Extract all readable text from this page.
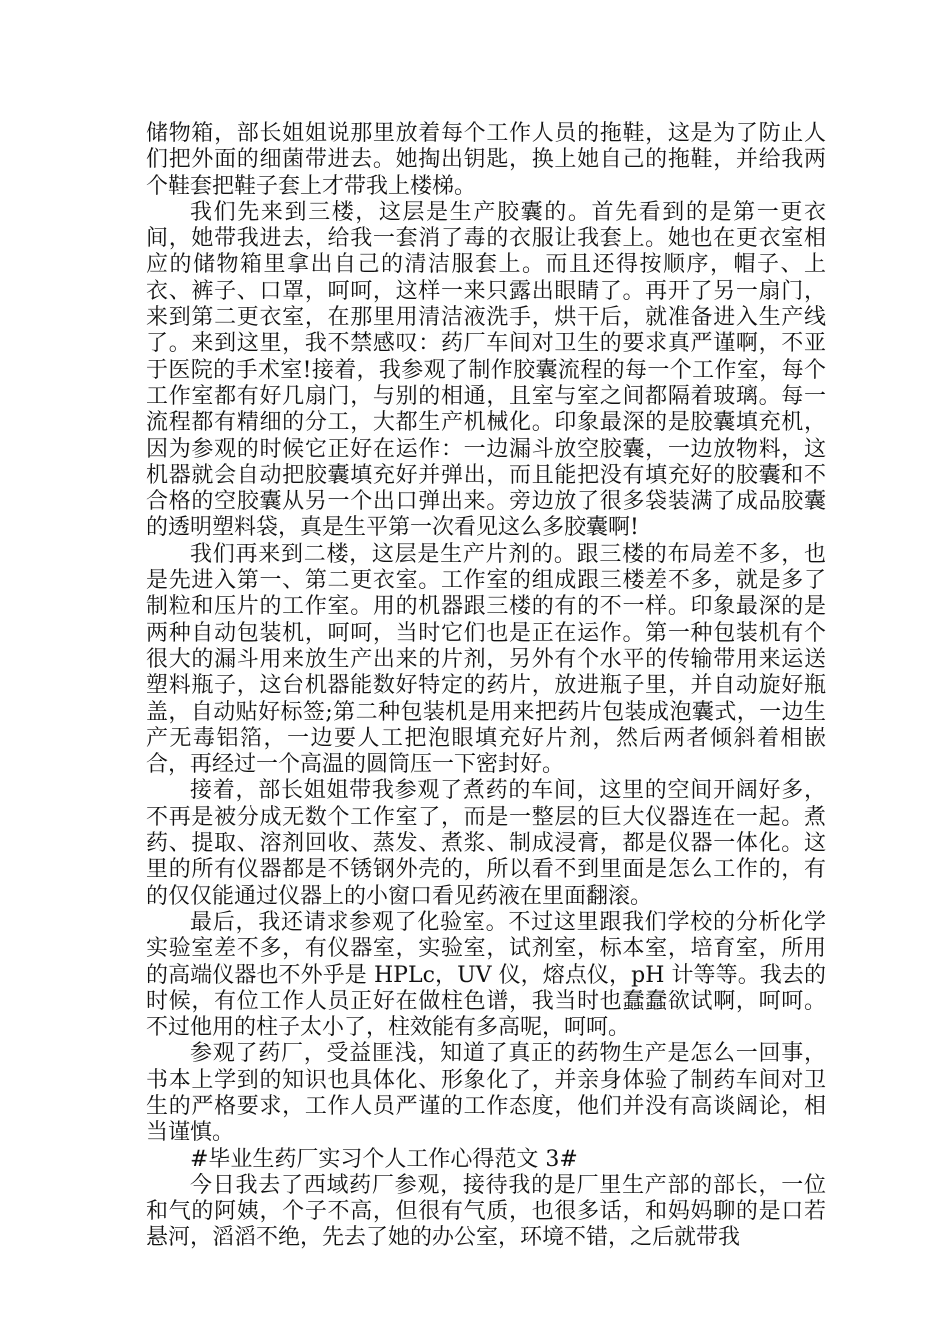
储物箱，部长姐姐说那里放着每个工作人员的拖鞋，这是为了防止人们把外面的细菌带进去。她掏出钥匙，换上她自己的拖鞋，并给我两个鞋套把鞋子套上才带我上楼梯。

我们先来到三楼，这层是生产胶囊的。首先看到的是第一更衣间，她带我进去，给我一套消了毒的衣服让我套上。她也在更衣室相应的储物箱里拿出自己的清洁服套上。而且还得按顺序，帽子、上衣、裤子、口罩，呵呵，这样一来只露出眼睛了。再开了另一扇门，来到第二更衣室，在那里用清洁液洗手，烘干后，就准备进入生产线了。来到这里，我不禁感叹：药厂车间对卫生的要求真严谨啊，不亚于医院的手术室!接着，我参观了制作胶囊流程的每一个工作室，每个工作室都有好几扇门，与别的相通，且室与室之间都隔着玻璃。每一流程都有精细的分工，大都生产机械化。印象最深的是胶囊填充机，因为参观的时候它正好在运作：一边漏斗放空胶囊，一边放物料，这机器就会自动把胶囊填充好并弹出，而且能把没有填充好的胶囊和不合格的空胶囊从另一个出口弹出来。旁边放了很多袋装满了成品胶囊的透明塑料袋，真是生平第一次看见这么多胶囊啊!

我们再来到二楼，这层是生产片剂的。跟三楼的布局差不多，也是先进入第一、第二更衣室。工作室的组成跟三楼差不多，就是多了制粒和压片的工作室。用的机器跟三楼的有的不一样。印象最深的是两种自动包装机，呵呵，当时它们也是正在运作。第一种包装机有个很大的漏斗用来放生产出来的片剂，另外有个水平的传输带用来运送塑料瓶子，这台机器能数好特定的药片，放进瓶子里，并自动旋好瓶盖，自动贴好标签;第二种包装机是用来把药片包装成泡囊式，一边生产无毒铝箔，一边要人工把泡眼填充好片剂，然后两者倾斜着相嵌合，再经过一个高温的圆筒压一下密封好。

接着，部长姐姐带我参观了煮药的车间，这里的空间开阔好多，不再是被分成无数个工作室了，而是一整层的巨大仪器连在一起。煮药、提取、溶剂回收、蒸发、煮浆、制成浸膏，都是仪器一体化。这里的所有仪器都是不锈钢外壳的，所以看不到里面是怎么工作的，有的仅仅能通过仪器上的小窗口看见药液在里面翻滚。

最后，我还请求参观了化验室。不过这里跟我们学校的分析化学实验室差不多，有仪器室，实验室，试剂室，标本室，培育室，所用的高端仪器也不外乎是 HPLc，UV 仪，熔点仪，pH 计等等。我去的时候，有位工作人员正好在做柱色谱，我当时也蠢蠢欲试啊，呵呵。不过他用的柱子太小了，柱效能有多高呢，呵呵。

参观了药厂，受益匪浅，知道了真正的药物生产是怎么一回事，书本上学到的知识也具体化、形象化了，并亲身体验了制药车间对卫生的严格要求，工作人员严谨的工作态度，他们并没有高谈阔论，相当谨慎。

#毕业生药厂实习个人工作心得范文 3#

今日我去了西域药厂参观，接待我的是厂里生产部的部长，一位和气的阿姨，个子不高，但很有气质，也很多话，和妈妈聊的是口若悬河，滔滔不绝，先去了她的办公室，环境不错，之后就带我
